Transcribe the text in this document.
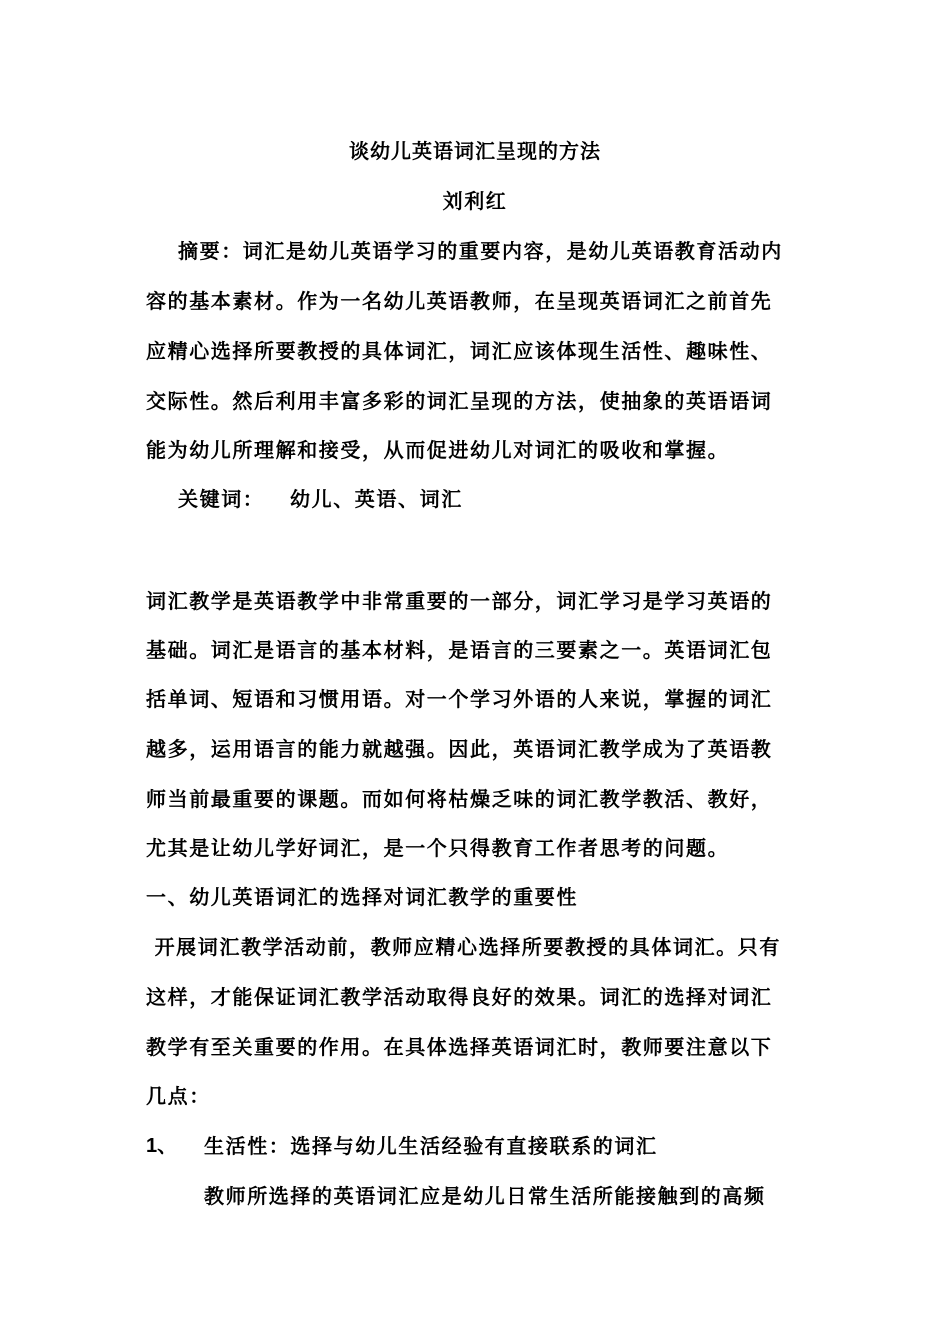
谈幼儿英语词汇呈现的方法
刘利红
摘要：词汇是幼儿英语学习的重要内容，是幼儿英语教育活动内
容的基本素材。作为一名幼儿英语教师，在呈现英语词汇之前首先
应精心选择所要教授的具体词汇，词汇应该体现生活性、趣味性、
交际性。然后利用丰富多彩的词汇呈现的方法，使抽象的英语语词
能为幼儿所理解和接受，从而促进幼儿对词汇的吸收和掌握。
关键词： 幼儿、英语、词汇
词汇教学是英语教学中非常重要的一部分，词汇学习是学习英语的
基础。词汇是语言的基本材料，是语言的三要素之一。英语词汇包
括单词、短语和习惯用语。对一个学习外语的人来说，掌握的词汇
越多，运用语言的能力就越强。因此，英语词汇教学成为了英语教
师当前最重要的课题。而如何将枯燥乏味的词汇教学教活、教好，
尤其是让幼儿学好词汇，是一个只得教育工作者思考的问题。
一、幼儿英语词汇的选择对词汇教学的重要性
开展词汇教学活动前，教师应精心选择所要教授的具体词汇。只有
这样，才能保证词汇教学活动取得良好的效果。词汇的选择对词汇
教学有至关重要的作用。在具体选择英语词汇时，教师要注意以下
几点：
1、 生活性：选择与幼儿生活经验有直接联系的词汇
教师所选择的英语词汇应是幼儿日常生活所能接触到的高频
